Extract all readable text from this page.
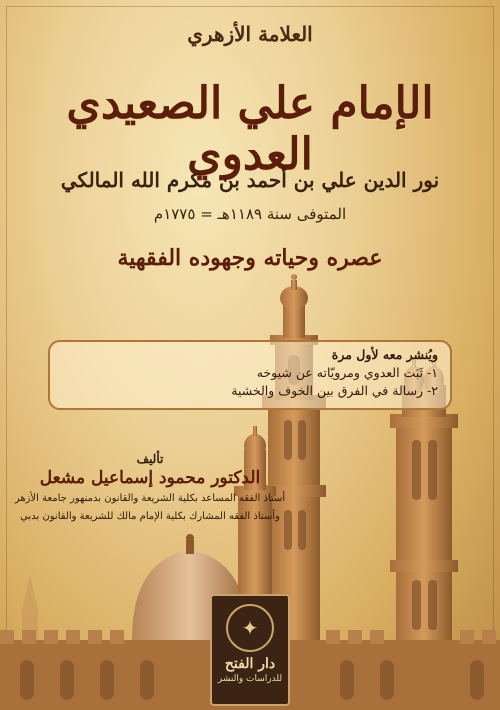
العلامة الأزهري
الإمام علي الصعيدي العدوي
نور الدين علي بن أحمد بن مكرم الله المالكي
المتوفى سنة ١١٨٩هـ = ١٧٧٥م
عصره وحياته وجهوده الفقهية
ويُنشر معه لأول مرة
١- ثَبَت العدوي ومرويّاته عن شيوخه
٢- رسالة في الفرق بين الخوف والخشية
تأليف
الدكتور محمود إسماعيل مشعل
أستاذ الفقه المساعد بكلية الشريعة والقانون بدمنهور جامعة الأزهر
وأستاذ الفقه المشارك بكلية الإمام مالك للشريعة والقانون بدبي
✦
دار الفتح
للدراسات والنشر
